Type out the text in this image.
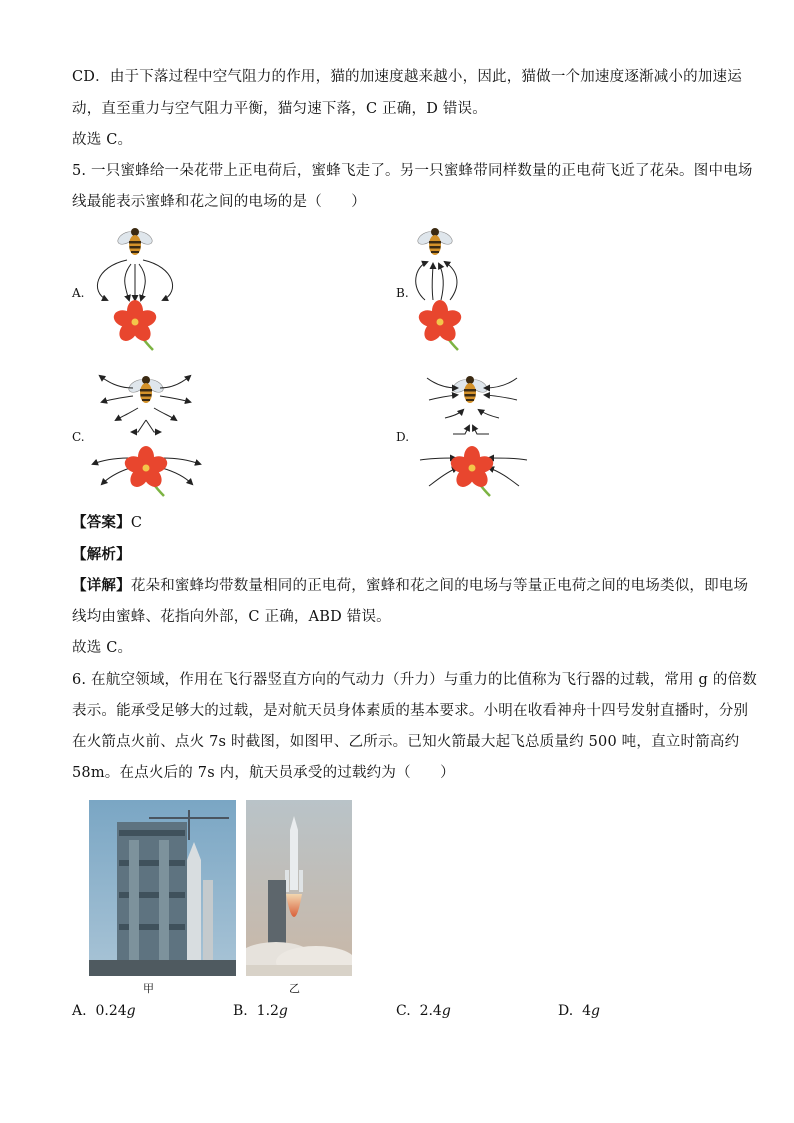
CD．由于下落过程中空气阻力的作用，猫的加速度越来越小，因此，猫做一个加速度逐渐减小的加速运
动，直至重力与空气阻力平衡，猫匀速下落，C 正确，D 错误。
故选 C。
5. 一只蜜蜂给一朵花带上正电荷后，蜜蜂飞走了。另一只蜜蜂带同样数量的正电荷飞近了花朵。图中电场
线最能表示蜜蜂和花之间的电场的是（　　）
A.	B.
C.	D.
【答案】C
【解析】
【详解】花朵和蜜蜂均带数量相同的正电荷，蜜蜂和花之间的电场与等量正电荷之间的电场类似，即电场
线均由蜜蜂、花指向外部，C 正确，ABD 错误。
故选 C。
6. 在航空领域，作用在飞行器竖直方向的气动力（升力）与重力的比值称为飞行器的过载，常用 g 的倍数
表示。能承受足够大的过载，是对航天员身体素质的基本要求。小明在收看神舟十四号发射直播时，分别
在火箭点火前、点火 7s 时截图，如图甲、乙所示。已知火箭最大起飞总质量约 500 吨，直立时箭高约
58m。在点火后的 7s 内，航天员承受的过载约为（　　）
甲	乙
A. 0.24g	B. 1.2g	C. 2.4g	D. 4g
